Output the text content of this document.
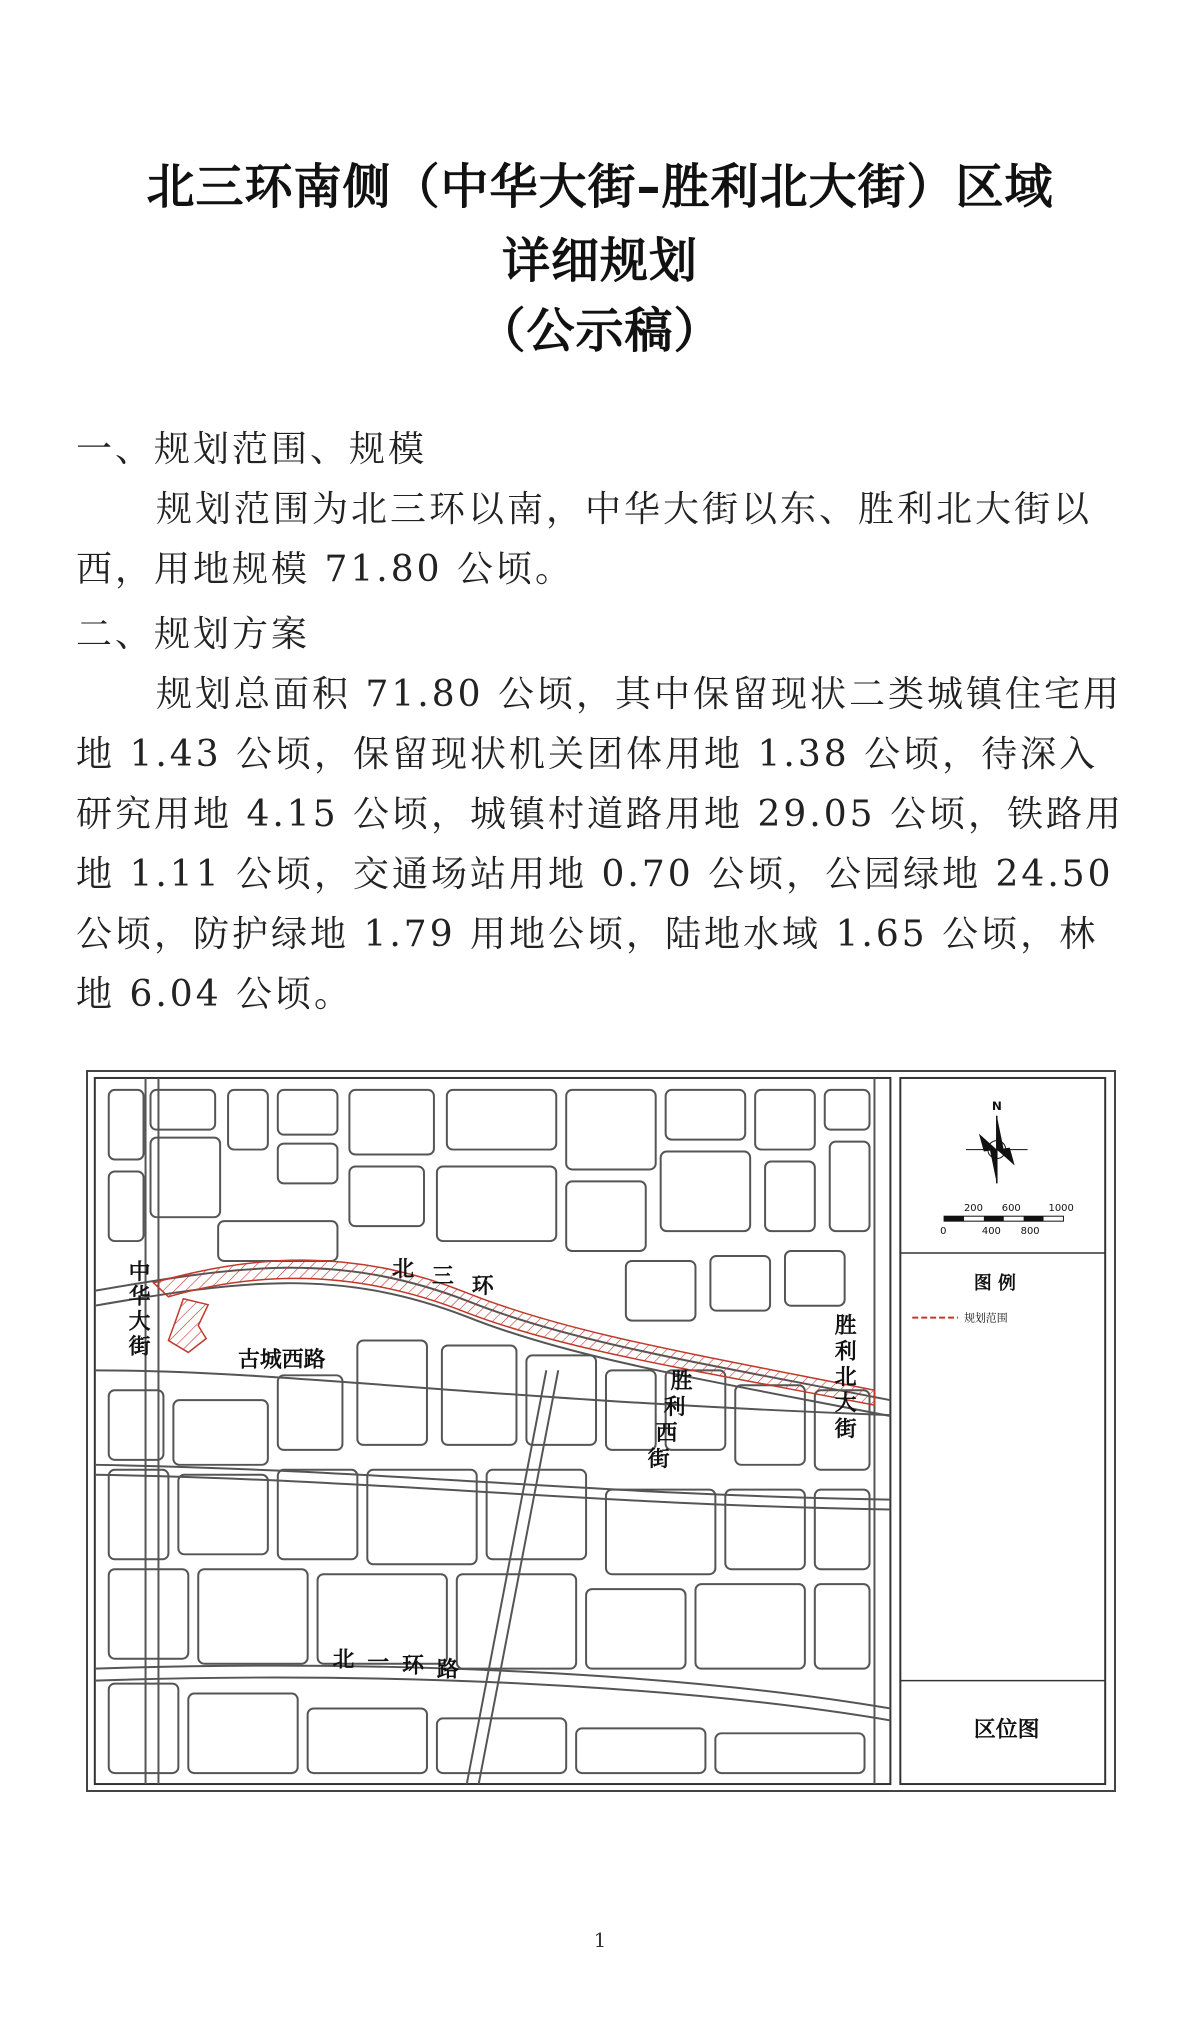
北三环南侧（中华大街–胜利北大街）区域
详细规划
（公示稿）
一、规划范围、规模
规划范围为北三环以南，中华大街以东、胜利北大街以西，用地规模 71.80 公顷。
二、规划方案
规划总面积 71.80 公顷，其中保留现状二类城镇住宅用地 1.43 公顷，保留现状机关团体用地 1.38 公顷，待深入研究用地 4.15 公顷，城镇村道路用地 29.05 公顷，铁路用地 1.11 公顷，交通场站用地 0.70 公顷，公园绿地 24.50 公顷，防护绿地 1.79 用地公顷，陆地水域 1.65 公顷，林地 6.04 公顷。
中
华
大
街
古城西路
北 三 环
胜
利
北
大
街
胜
利
西
街
北 一 环 路
N
200 600	1000
0	400 800
图 例
规划范围
区位图
1
